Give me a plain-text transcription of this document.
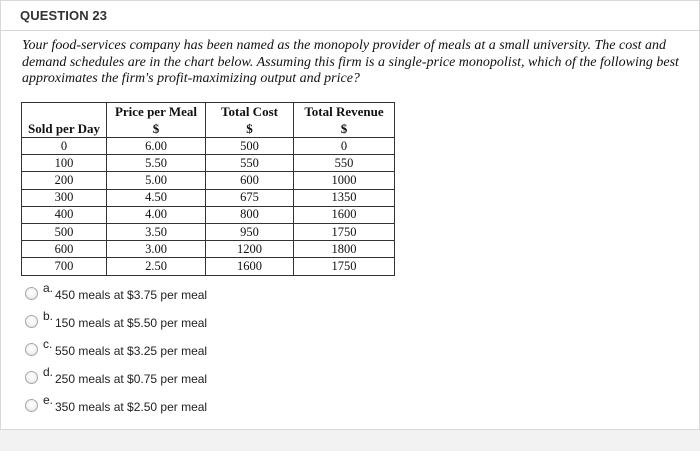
QUESTION 23
Your food-services company has been named as the monopoly provider of meals at a small university. The cost and demand schedules are in the chart below. Assuming this firm is a single-price monopolist, which of the following best approximates the firm's profit-maximizing output and price?
	Price per Meal	Total Cost	Total Revenue
Sold per Day	$	$	$
0	6.00	500	0
100	5.50	550	550
200	5.00	600	1000
300	4.50	675	1350
400	4.00	800	1600
500	3.50	950	1750
600	3.00	1200	1800
700	2.50	1600	1750
a. 450 meals at $3.75 per meal
b. 150 meals at $5.50 per meal
c. 550 meals at $3.25 per meal
d. 250 meals at $0.75 per meal
e. 350 meals at $2.50 per meal
